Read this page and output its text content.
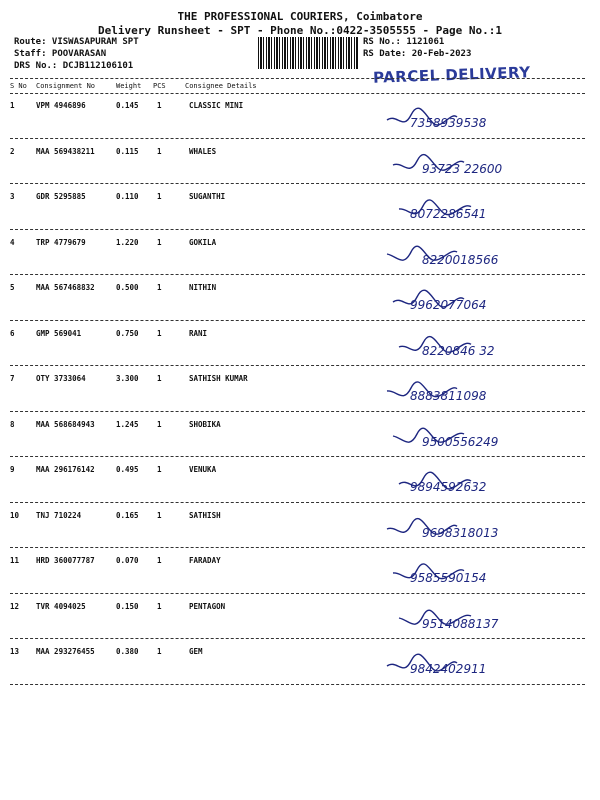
THE PROFESSIONAL COURIERS, Coimbatore
Delivery Runsheet - SPT - Phone No.:0422-3505555 - Page No.:1
Route: VISWASAPURAM SPT
Staff: POOVARASAN
DRS No.: DCJB112106101
RS No.: 1121061
RS Date: 20-Feb-2023
PARCEL DELIVERY
S No Consignment No	Weight PCS	Consignee Details
1	VPM 4946896	0.145 1	CLASSIC MINI
7358939538
2	MAA 569438211	0.115 1	WHALES
93723 22600
3	GDR 5295885	0.110 1	SUGANTHI
8072286541
4	TRP 4779679	1.220 1	GOKILA
8220018566
5	MAA 567468832	0.500 1	NITHIN
9962077064
6	GMP 569041	0.750 1	RANI
8220846 32
7	OTY 3733064	3.300 1	SATHISH KUMAR
8883811098
8	MAA 568684943	1.245 1	SHOBIKA
9500556249
9	MAA 296176142	0.495 1	VENUKA
9894592632
10 TNJ 710224	0.165 1	SATHISH
9698318013
11 HRD 360077787	0.070 1	FARADAY
9585590154
12 TVR 4094025	0.150 1	PENTAGON
9514088137
13 MAA 293276455	0.380 1	GEM
9842402911
